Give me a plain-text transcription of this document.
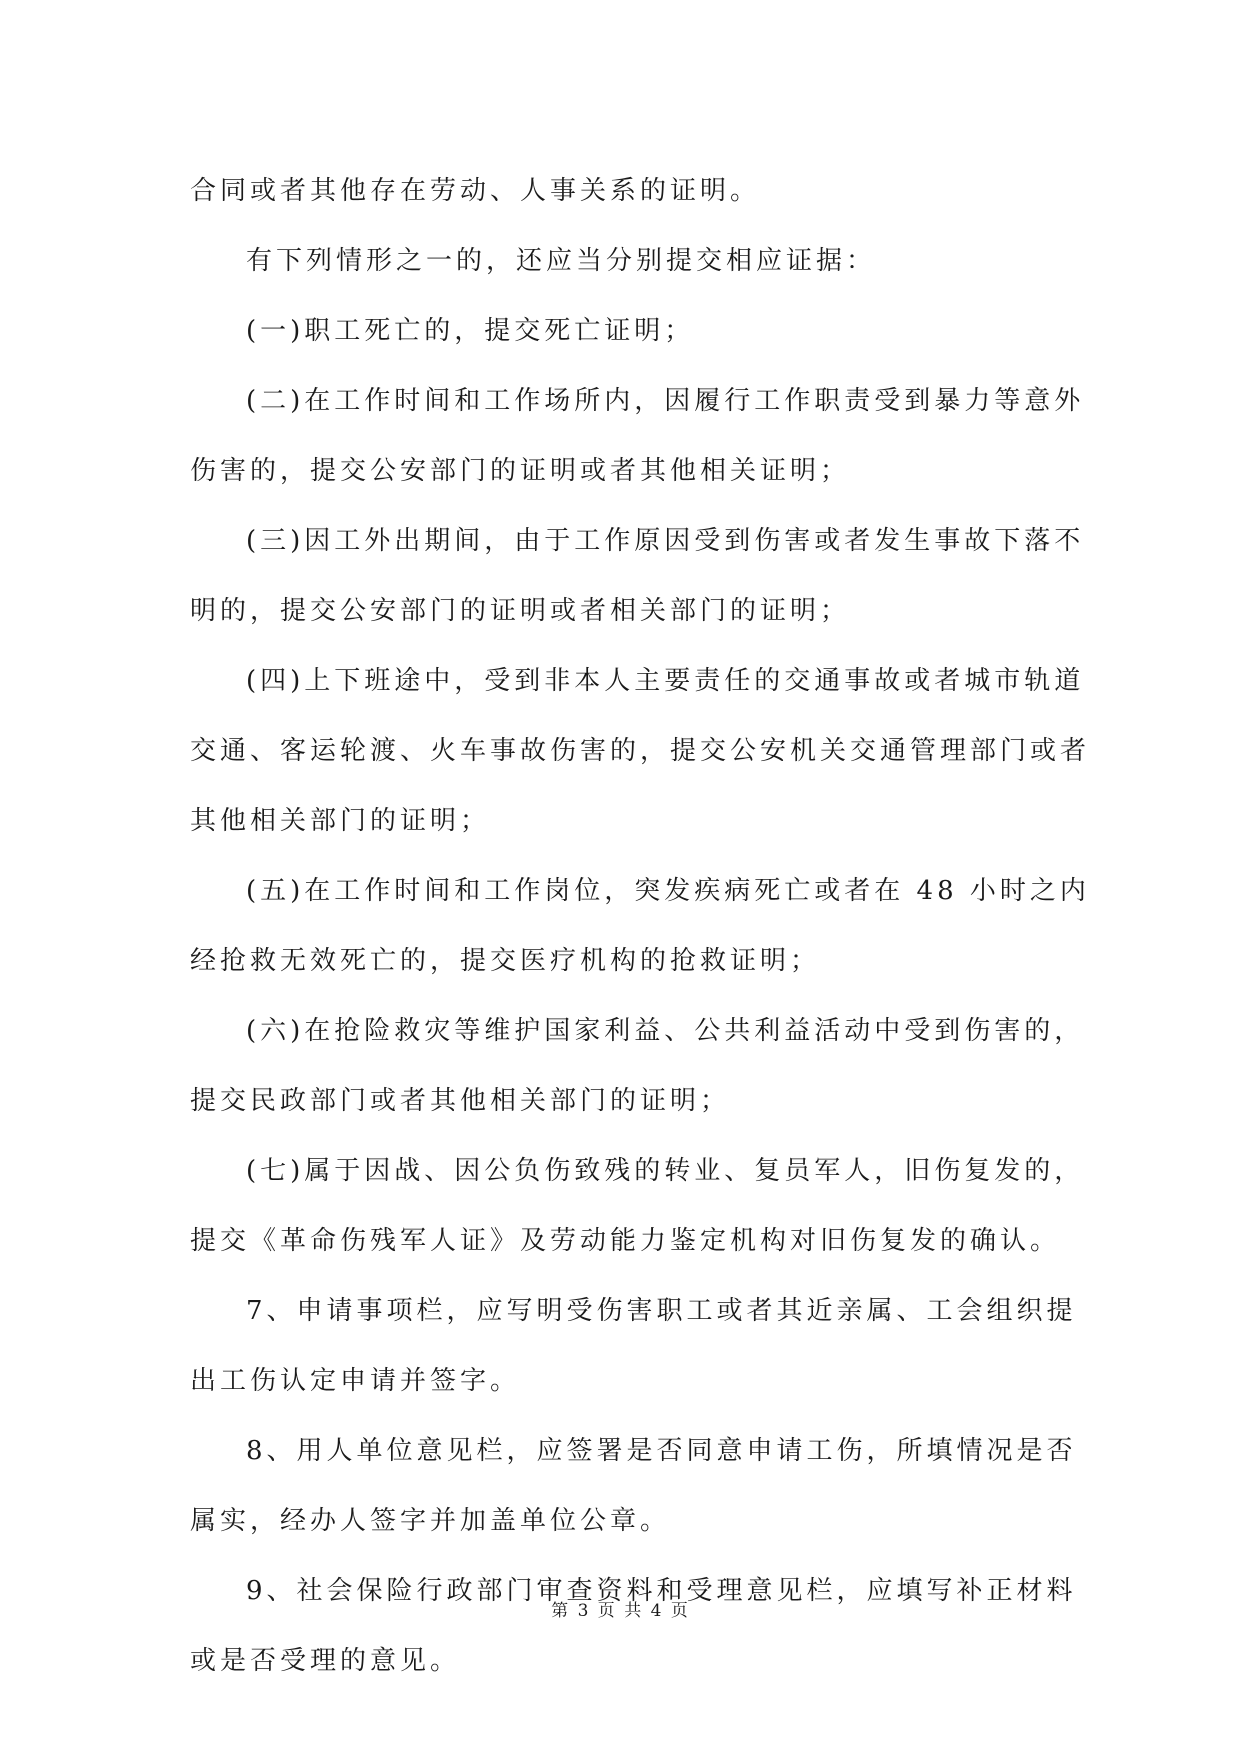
合同或者其他存在劳动、人事关系的证明。
有下列情形之一的，还应当分别提交相应证据：
(一)职工死亡的，提交死亡证明；
(二)在工作时间和工作场所内，因履行工作职责受到暴力等意外
伤害的，提交公安部门的证明或者其他相关证明；
(三)因工外出期间，由于工作原因受到伤害或者发生事故下落不
明的，提交公安部门的证明或者相关部门的证明；
(四)上下班途中，受到非本人主要责任的交通事故或者城市轨道
交通、客运轮渡、火车事故伤害的，提交公安机关交通管理部门或者
其他相关部门的证明；
(五)在工作时间和工作岗位，突发疾病死亡或者在 48 小时之内
经抢救无效死亡的，提交医疗机构的抢救证明；
(六)在抢险救灾等维护国家利益、公共利益活动中受到伤害的，
提交民政部门或者其他相关部门的证明；
(七)属于因战、因公负伤致残的转业、复员军人，旧伤复发的，
提交《革命伤残军人证》及劳动能力鉴定机构对旧伤复发的确认。
7、申请事项栏，应写明受伤害职工或者其近亲属、工会组织提
出工伤认定申请并签字。
8、用人单位意见栏，应签署是否同意申请工伤，所填情况是否
属实，经办人签字并加盖单位公章。
9、社会保险行政部门审查资料和受理意见栏，应填写补正材料
或是否受理的意见。
第 3 页 共 4 页
